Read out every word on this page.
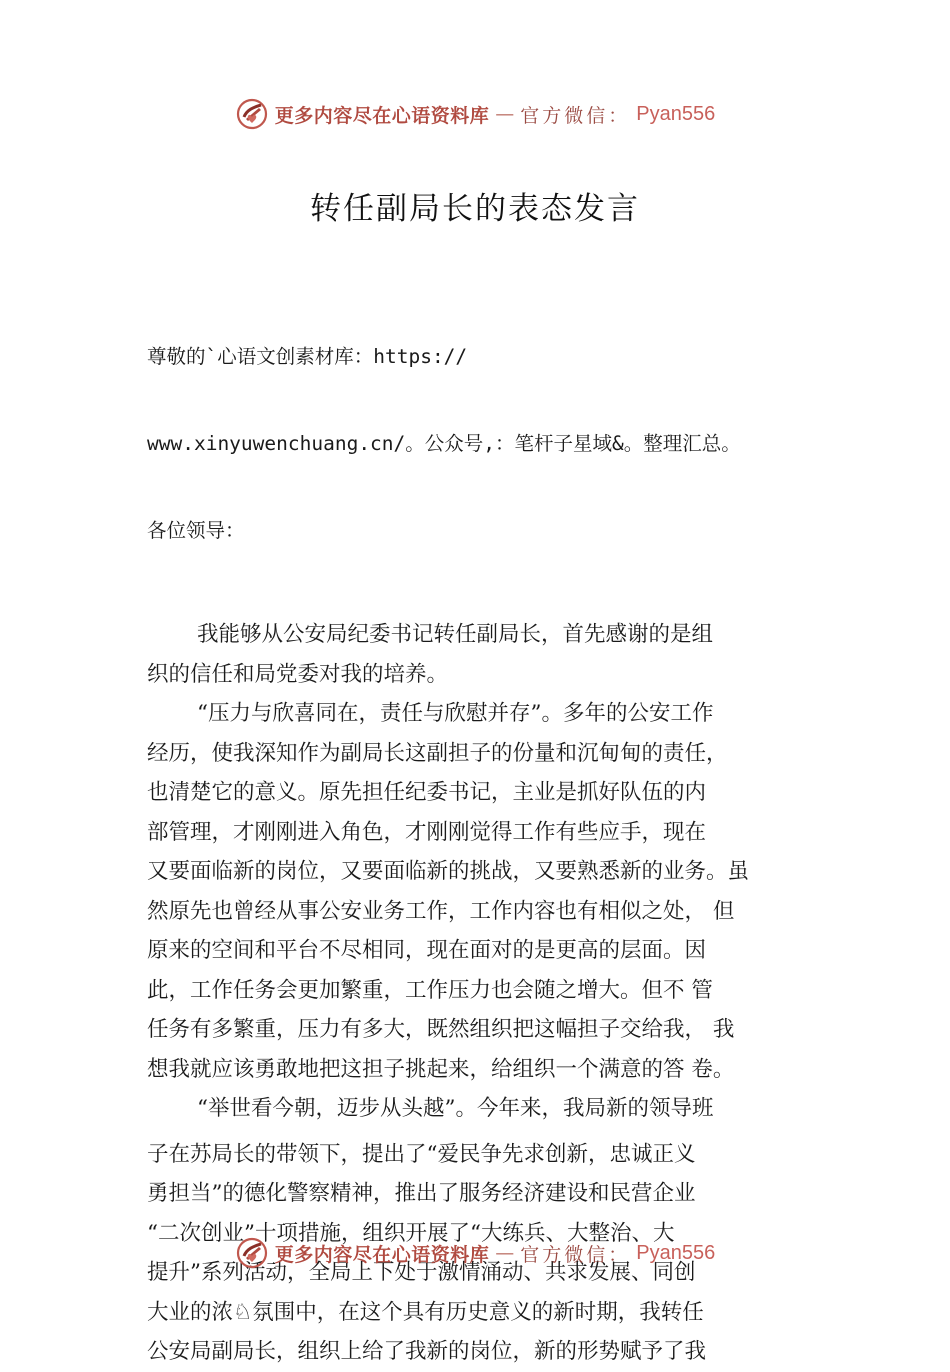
更多内容尽在心语资料库 — 官方微信： Pyan556
转任副局长的表态发言

尊敬的`心语文创素材库：https://

www.xinyuwenchuang.cn/。公众号,：笔杆子星域&。整理汇总。

各位领导：

我能够从公安局纪委书记转任副局长，首先感谢的是组
织的信任和局党委对我的培养。

“压力与欣喜同在，责任与欣慰并存”。多年的公安工作
经历，使我深知作为副局长这副担子的份量和沉甸甸的责任，
也清楚它的意义。原先担任纪委书记，主业是抓好队伍的内
部管理，才刚刚进入角色，才刚刚觉得工作有些应手，现在
又要面临新的岗位，又要面临新的挑战，又要熟悉新的业务。虽
然原先也曾经从事公安业务工作，工作内容也有相似之处， 但
原来的空间和平台不尽相同，现在面对的是更高的层面。因
此，工作任务会更加繁重，工作压力也会随之增大。但不 管
任务有多繁重，压力有多大，既然组织把这幅担子交给我， 我
想我就应该勇敢地把这担子挑起来，给组织一个满意的答 卷。

“举世看今朝，迈步从头越”。今年来，我局新的领导班
子在苏局长的带领下，提出了“爱民争先求创新，忠诚正义
勇担当”的德化警察精神，推出了服务经济建设和民营企业
“二次创业”十项措施，组织开展了“大练兵、大整治、大
提升”系列活动，全局上下处于激情涌动、共求发展、同创
大业的浓♘氛围中，在这个具有历史意义的新时期，我转任
公安局副局长，组织上给了我新的岗位，新的形势赋予了我

更多内容尽在心语资料库 — 官方微信： Pyan556
